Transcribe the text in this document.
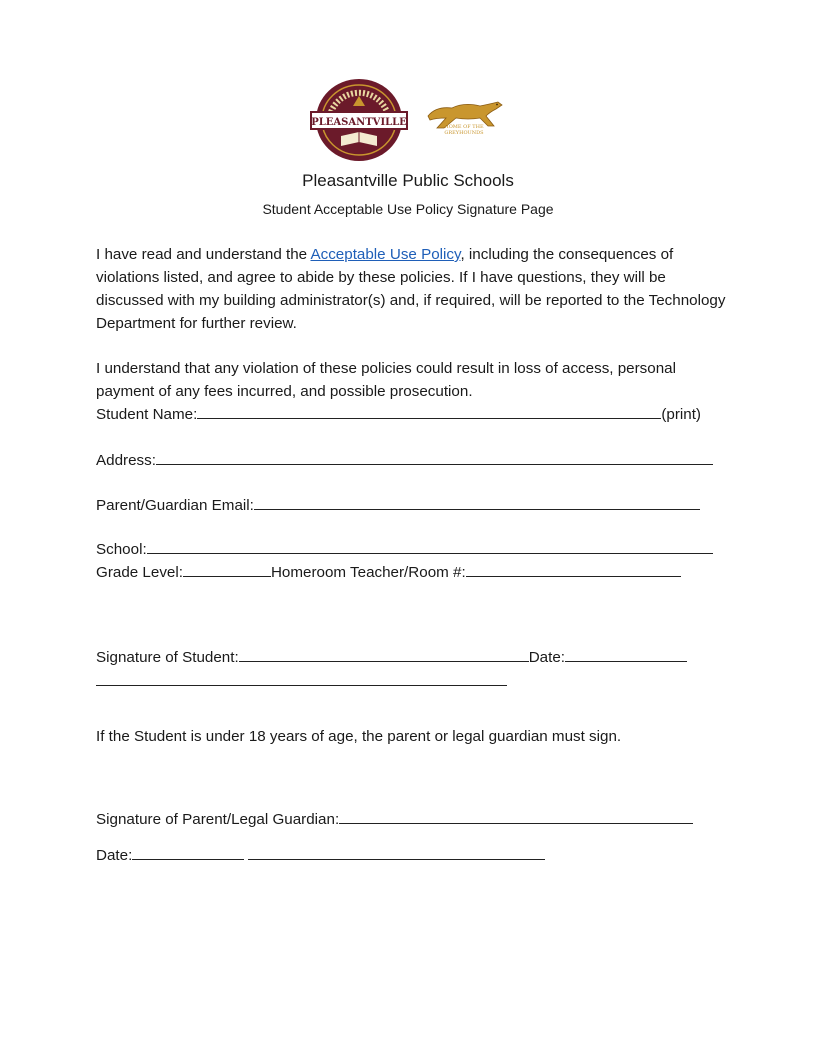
PLEASANTVILLE	HOME OF THE GREYHOUNDS
Pleasantville Public Schools
Student Acceptable Use Policy Signature Page
I have read and understand the Acceptable Use Policy, including the consequences of violations listed, and agree to abide by these policies. If I have questions, they will be discussed with my building administrator(s) and, if required, will be reported to the Technology Department for further review.
I understand that any violation of these policies could result in loss of access, personal payment of any fees incurred, and possible prosecution.
Student Name:	(print)
Address:
Parent/Guardian Email:
School:
Grade Level:	Homeroom Teacher/Room #:
Signature of Student:	Date:
If the Student is under 18 years of age, the parent or legal guardian must sign.
Signature of Parent/Legal Guardian:
Date:
